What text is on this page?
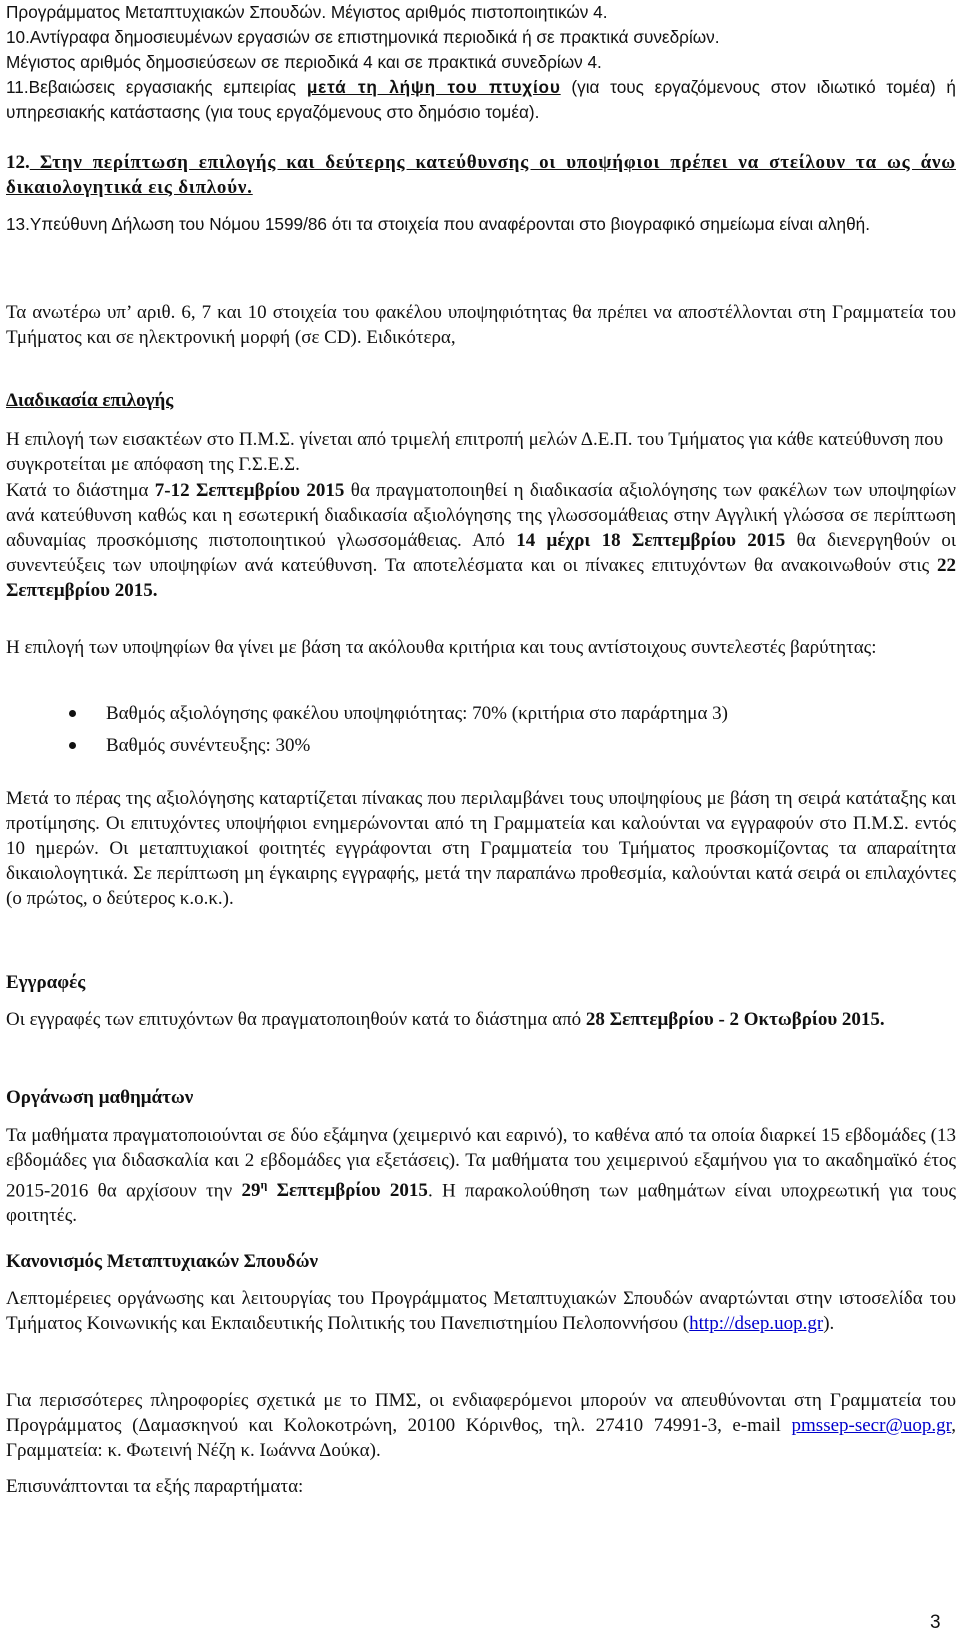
Προγράμματος Μεταπτυχιακών Σπουδών. Μέγιστος αριθμός πιστοποιητικών 4.

10.Αντίγραφα δημοσιευμένων εργασιών σε επιστημονικά περιοδικά ή σε πρακτικά συνεδρίων.

Μέγιστος αριθμός δημοσιεύσεων σε περιοδικά 4 και σε πρακτικά συνεδρίων 4.

11.Βεβαιώσεις εργασιακής εμπειρίας μετά τη λήψη του πτυχίου (για τους εργαζόμενους στον ιδιωτικό τομέα) ή υπηρεσιακής κατάστασης (για τους εργαζόμενους στο δημόσιο τομέα).

12. Στην περίπτωση επιλογής και δεύτερης κατεύθυνσης οι υποψήφιοι πρέπει να στείλουν τα ως άνω δικαιολογητικά εις διπλούν.

13.Υπεύθυνη Δήλωση του Νόμου 1599/86 ότι τα στοιχεία που αναφέρονται στο βιογραφικό σημείωμα είναι αληθή.

Τα ανωτέρω υπ’ αριθ. 6, 7 και 10 στοιχεία του φακέλου υποψηφιότητας θα πρέπει να αποστέλλονται στη Γραμματεία του Τμήματος και σε ηλεκτρονική μορφή (σε CD). Ειδικότερα,

Διαδικασία επιλογής

Η επιλογή των εισακτέων στο Π.Μ.Σ. γίνεται από τριμελή επιτροπή μελών Δ.Ε.Π. του Τμήματος για κάθε κατεύθυνση που συγκροτείται με απόφαση της Γ.Σ.Ε.Σ.

Κατά το διάστημα 7-12 Σεπτεμβρίου 2015 θα πραγματοποιηθεί η διαδικασία αξιολόγησης των φακέλων των υποψηφίων ανά κατεύθυνση καθώς και η εσωτερική διαδικασία αξιολόγησης της γλωσσομάθειας στην Αγγλική γλώσσα σε περίπτωση αδυναμίας προσκόμισης πιστοποιητικού γλωσσομάθειας. Από 14 μέχρι 18 Σεπτεμβρίου 2015 θα διενεργηθούν οι συνεντεύξεις των υποψηφίων ανά κατεύθυνση. Τα αποτελέσματα και οι πίνακες επιτυχόντων θα ανακοινωθούν στις 22 Σεπτεμβρίου 2015.

Η επιλογή των υποψηφίων θα γίνει με βάση τα ακόλουθα κριτήρια και τους αντίστοιχους συντελεστές βαρύτητας:

Βαθμός αξιολόγησης φακέλου υποψηφιότητας: 70% (κριτήρια στο παράρτημα 3)
Βαθμός συνέντευξης: 30%

Μετά το πέρας της αξιολόγησης καταρτίζεται πίνακας που περιλαμβάνει τους υποψηφίους με βάση τη σειρά κατάταξης και προτίμησης. Οι επιτυχόντες υποψήφιοι ενημερώνονται από τη Γραμματεία και καλούνται να εγγραφούν στο Π.Μ.Σ. εντός 10 ημερών. Οι μεταπτυχιακοί φοιτητές εγγράφονται στη Γραμματεία του Τμήματος προσκομίζοντας τα απαραίτητα δικαιολογητικά. Σε περίπτωση μη έγκαιρης εγγραφής, μετά την παραπάνω προθεσμία, καλούνται κατά σειρά οι επιλαχόντες (ο πρώτος, ο δεύτερος κ.ο.κ.).

Εγγραφές

Οι εγγραφές των επιτυχόντων θα πραγματοποιηθούν κατά το διάστημα από 28 Σεπτεμβρίου - 2 Οκτωβρίου 2015.

Οργάνωση μαθημάτων

Τα μαθήματα πραγματοποιούνται σε δύο εξάμηνα (χειμερινό και εαρινό), το καθένα από τα οποία διαρκεί 15 εβδομάδες (13 εβδομάδες για διδασκαλία και 2 εβδομάδες για εξετάσεις). Τα μαθήματα του χειμερινού εξαμήνου για το ακαδημαϊκό έτος 2015-2016 θα αρχίσουν την $29^\eta$ Σεπτεμβρίου 2015. Η παρακολούθηση των μαθημάτων είναι υποχρεωτική για τους φοιτητές.

Κανονισμός Μεταπτυχιακών Σπουδών

Λεπτομέρειες οργάνωσης και λειτουργίας του Προγράμματος Μεταπτυχιακών Σπουδών αναρτώνται στην ιστοσελίδα του Τμήματος Κοινωνικής και Εκπαιδευτικής Πολιτικής του Πανεπιστημίου Πελοποννήσου (http://dsep.uop.gr).

Για περισσότερες πληροφορίες σχετικά με το ΠΜΣ, οι ενδιαφερόμενοι μπορούν να απευθύνονται στη Γραμματεία του Προγράμματος (Δαμασκηνού και Κολοκοτρώνη, 20100 Κόρινθος, τηλ. 27410 74991-3, e-mail pmssep-secr@uop.gr, Γραμματεία: κ. Φωτεινή Νέζη κ. Ιωάννα Δούκα).

Επισυνάπτονται τα εξής παραρτήματα:

3
